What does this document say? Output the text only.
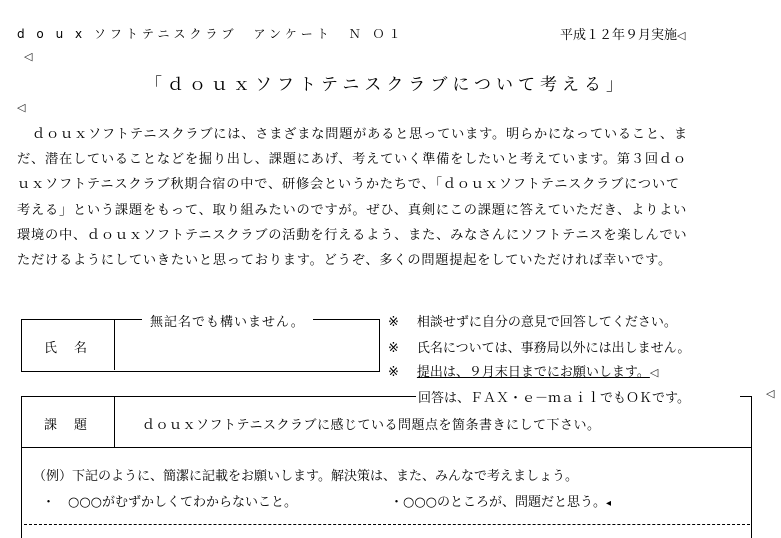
d o u x ソフトテニスクラブ　アンケート　Ｎ Ｏ１	平成１２年９月実施◁
◁
「ｄｏｕｘソフトテニスクラブについて考える」
◁

ｄｏｕｘソフトテニスクラブには、さまざまな問題があると思っています。明らかになっていること、ま

だ、潜在していることなどを掘り出し、課題にあげ、考えていく準備をしたいと考えています。第３回ｄｏ

ｕｘソフトテニスクラブ秋期合宿の中で、研修会というかたちで、「ｄｏｕｘソフトテニスクラブについて

考える」という課題をもって、取り組みたいのですが。ぜひ、真剣にこの課題に答えていただき、よりよい

環境の中、ｄｏｕｘソフトテニスクラブの活動を行えるよう、また、みなさんにソフトテニスを楽しんでい

ただけるようにしていきたいと思っております。どうぞ、多くの問題提起をしていただければ幸いです。

氏　名
無記名でも構いません。	※ 相談せずに自分の意見で回答してください。
※ 氏名については、事務局以外には出しません。
※ 提出は、９月末日までにお願いします。◁
回答は、ＦＡＸ・ｅ－ｍａｉｌでもＯＫです。	◁
課　題	ｄｏｕｘソフトテニスクラブに感じている問題点を箇条書きにして下さい。
（例）下記のように、簡潔に記載をお願いします。解決策は、また、みんなで考えましょう。
・　○○○がむずかしくてわからないこと。	・○○○のところが、問題だと思う。◂
